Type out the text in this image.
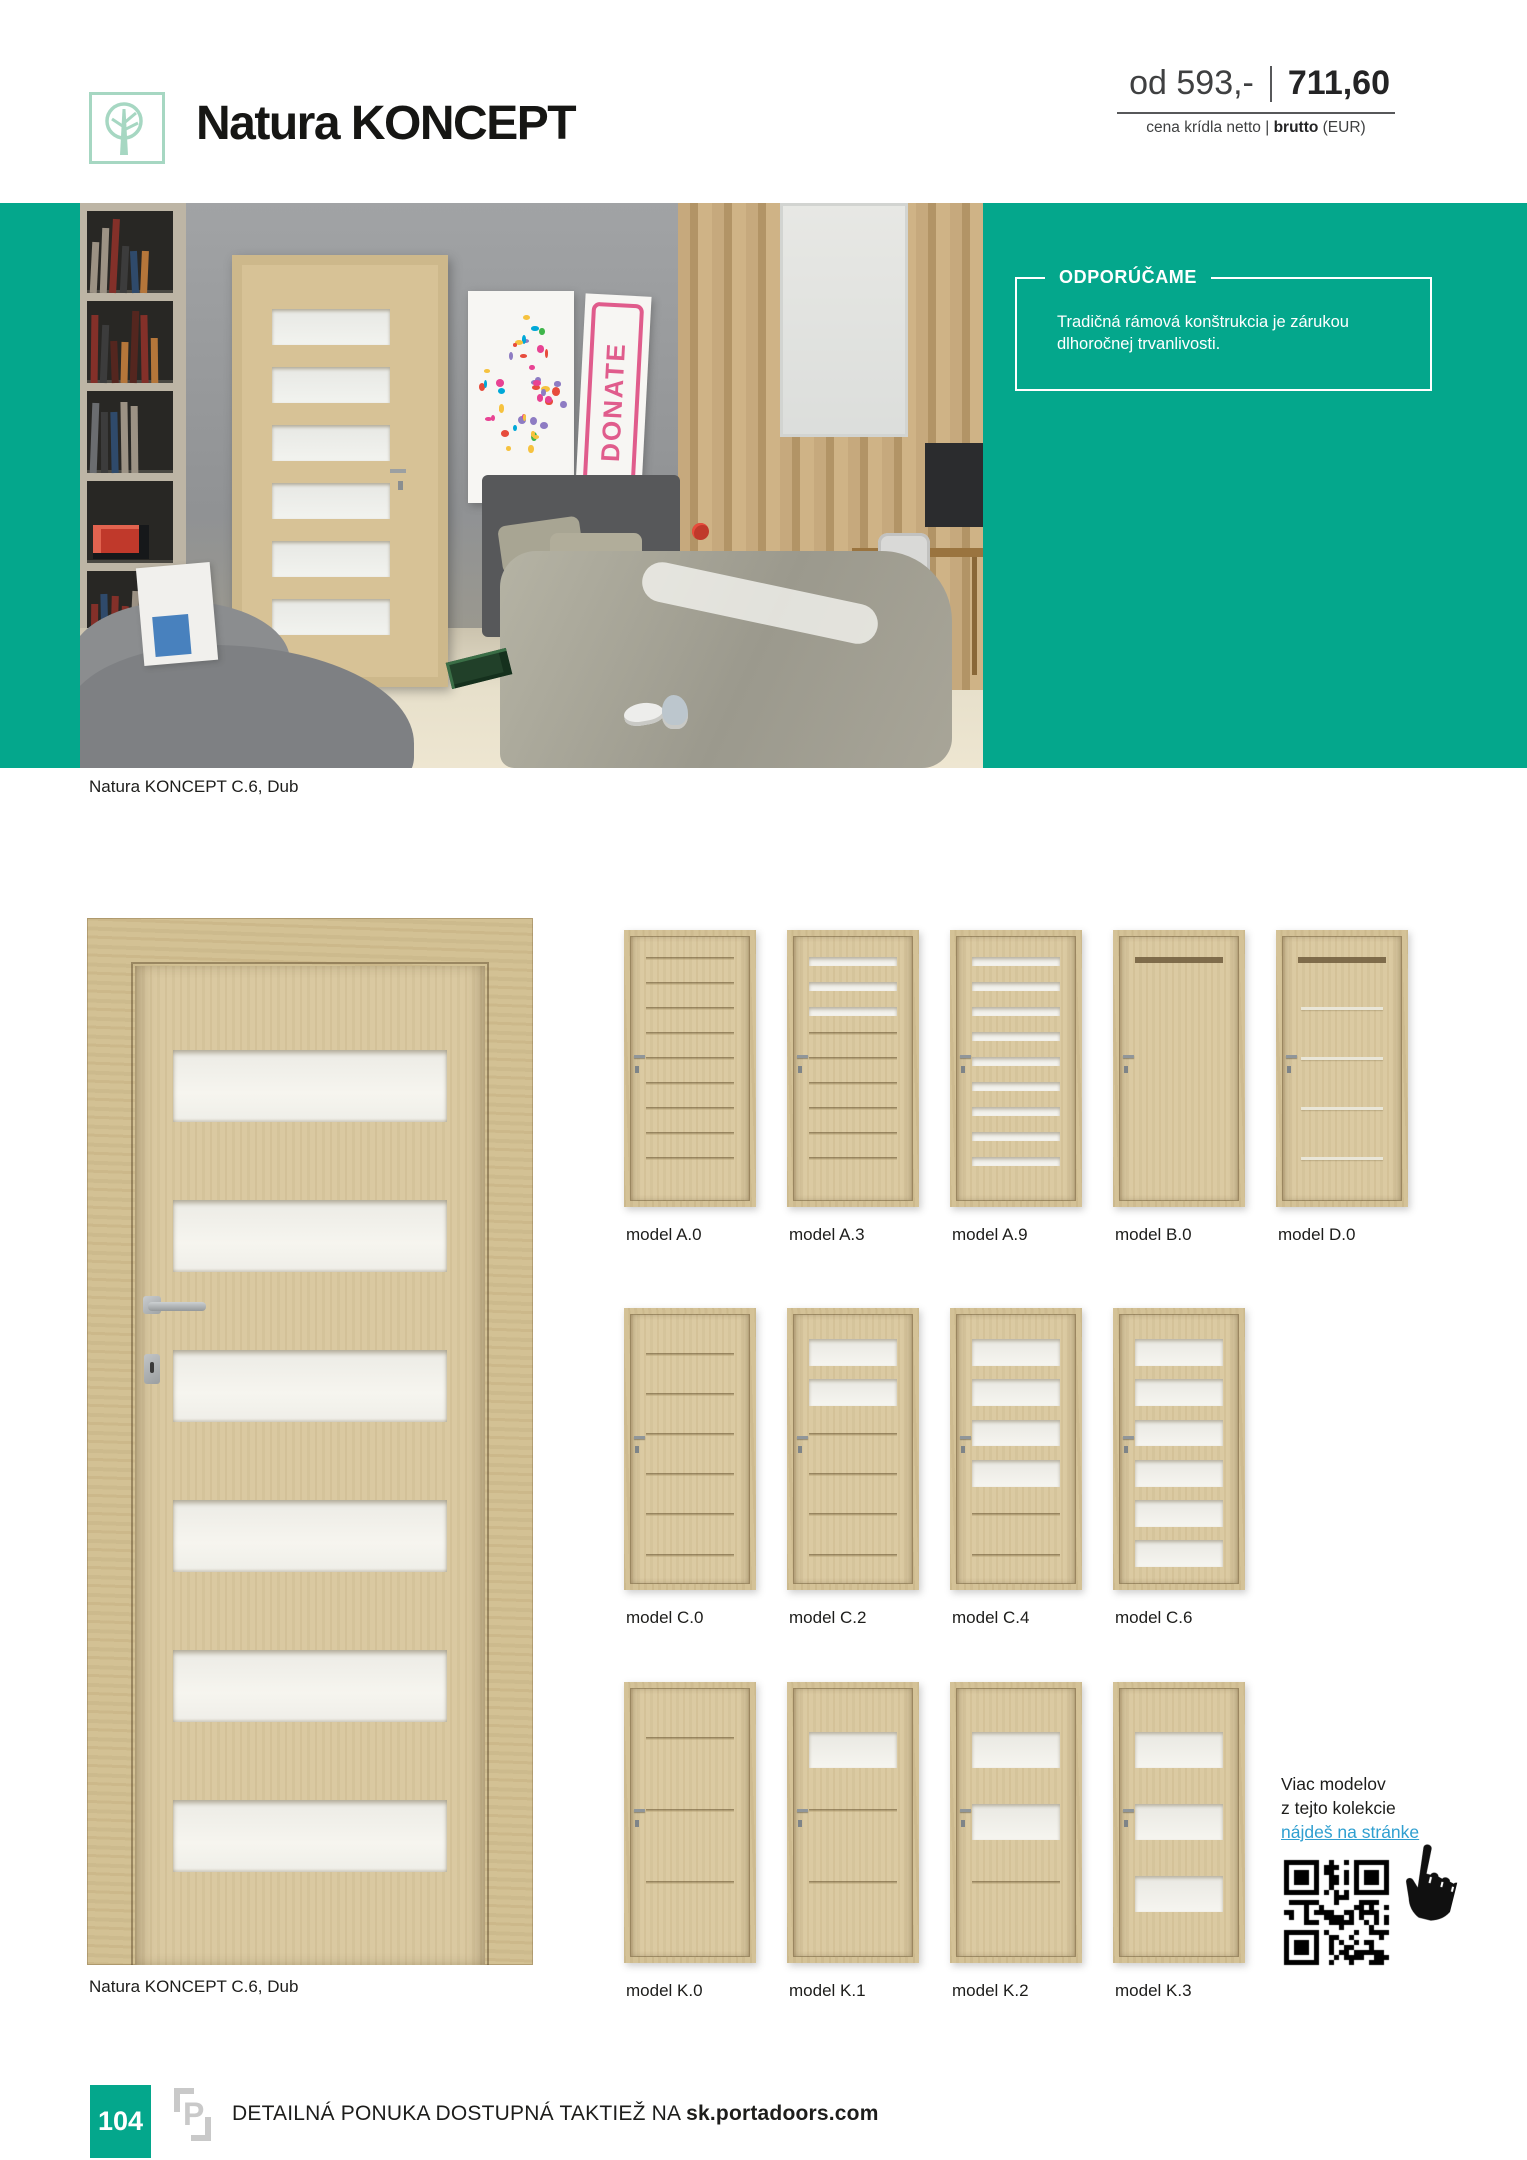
Natura KONCEPT
od 593,- 711,60
cena krídla netto | brutto (EUR)
DONATE
ODPORÚČAME
Tradičná rámová konštrukcia je zárukou dlhoročnej trvanlivosti.
Natura KONCEPT C.6, Dub
Natura KONCEPT C.6, Dub
model A.0	model A.3	model A.9	model B.0	model D.0
model C.0	model C.2	model C.4	model C.6
model K.0	model K.1	model K.2	model K.3
Viac modelov
z tejto kolekcie
nájdeš na stránke
104 P DETAILNÁ PONUKA DOSTUPNÁ TAKTIEŽ NA sk.portadoors.com
